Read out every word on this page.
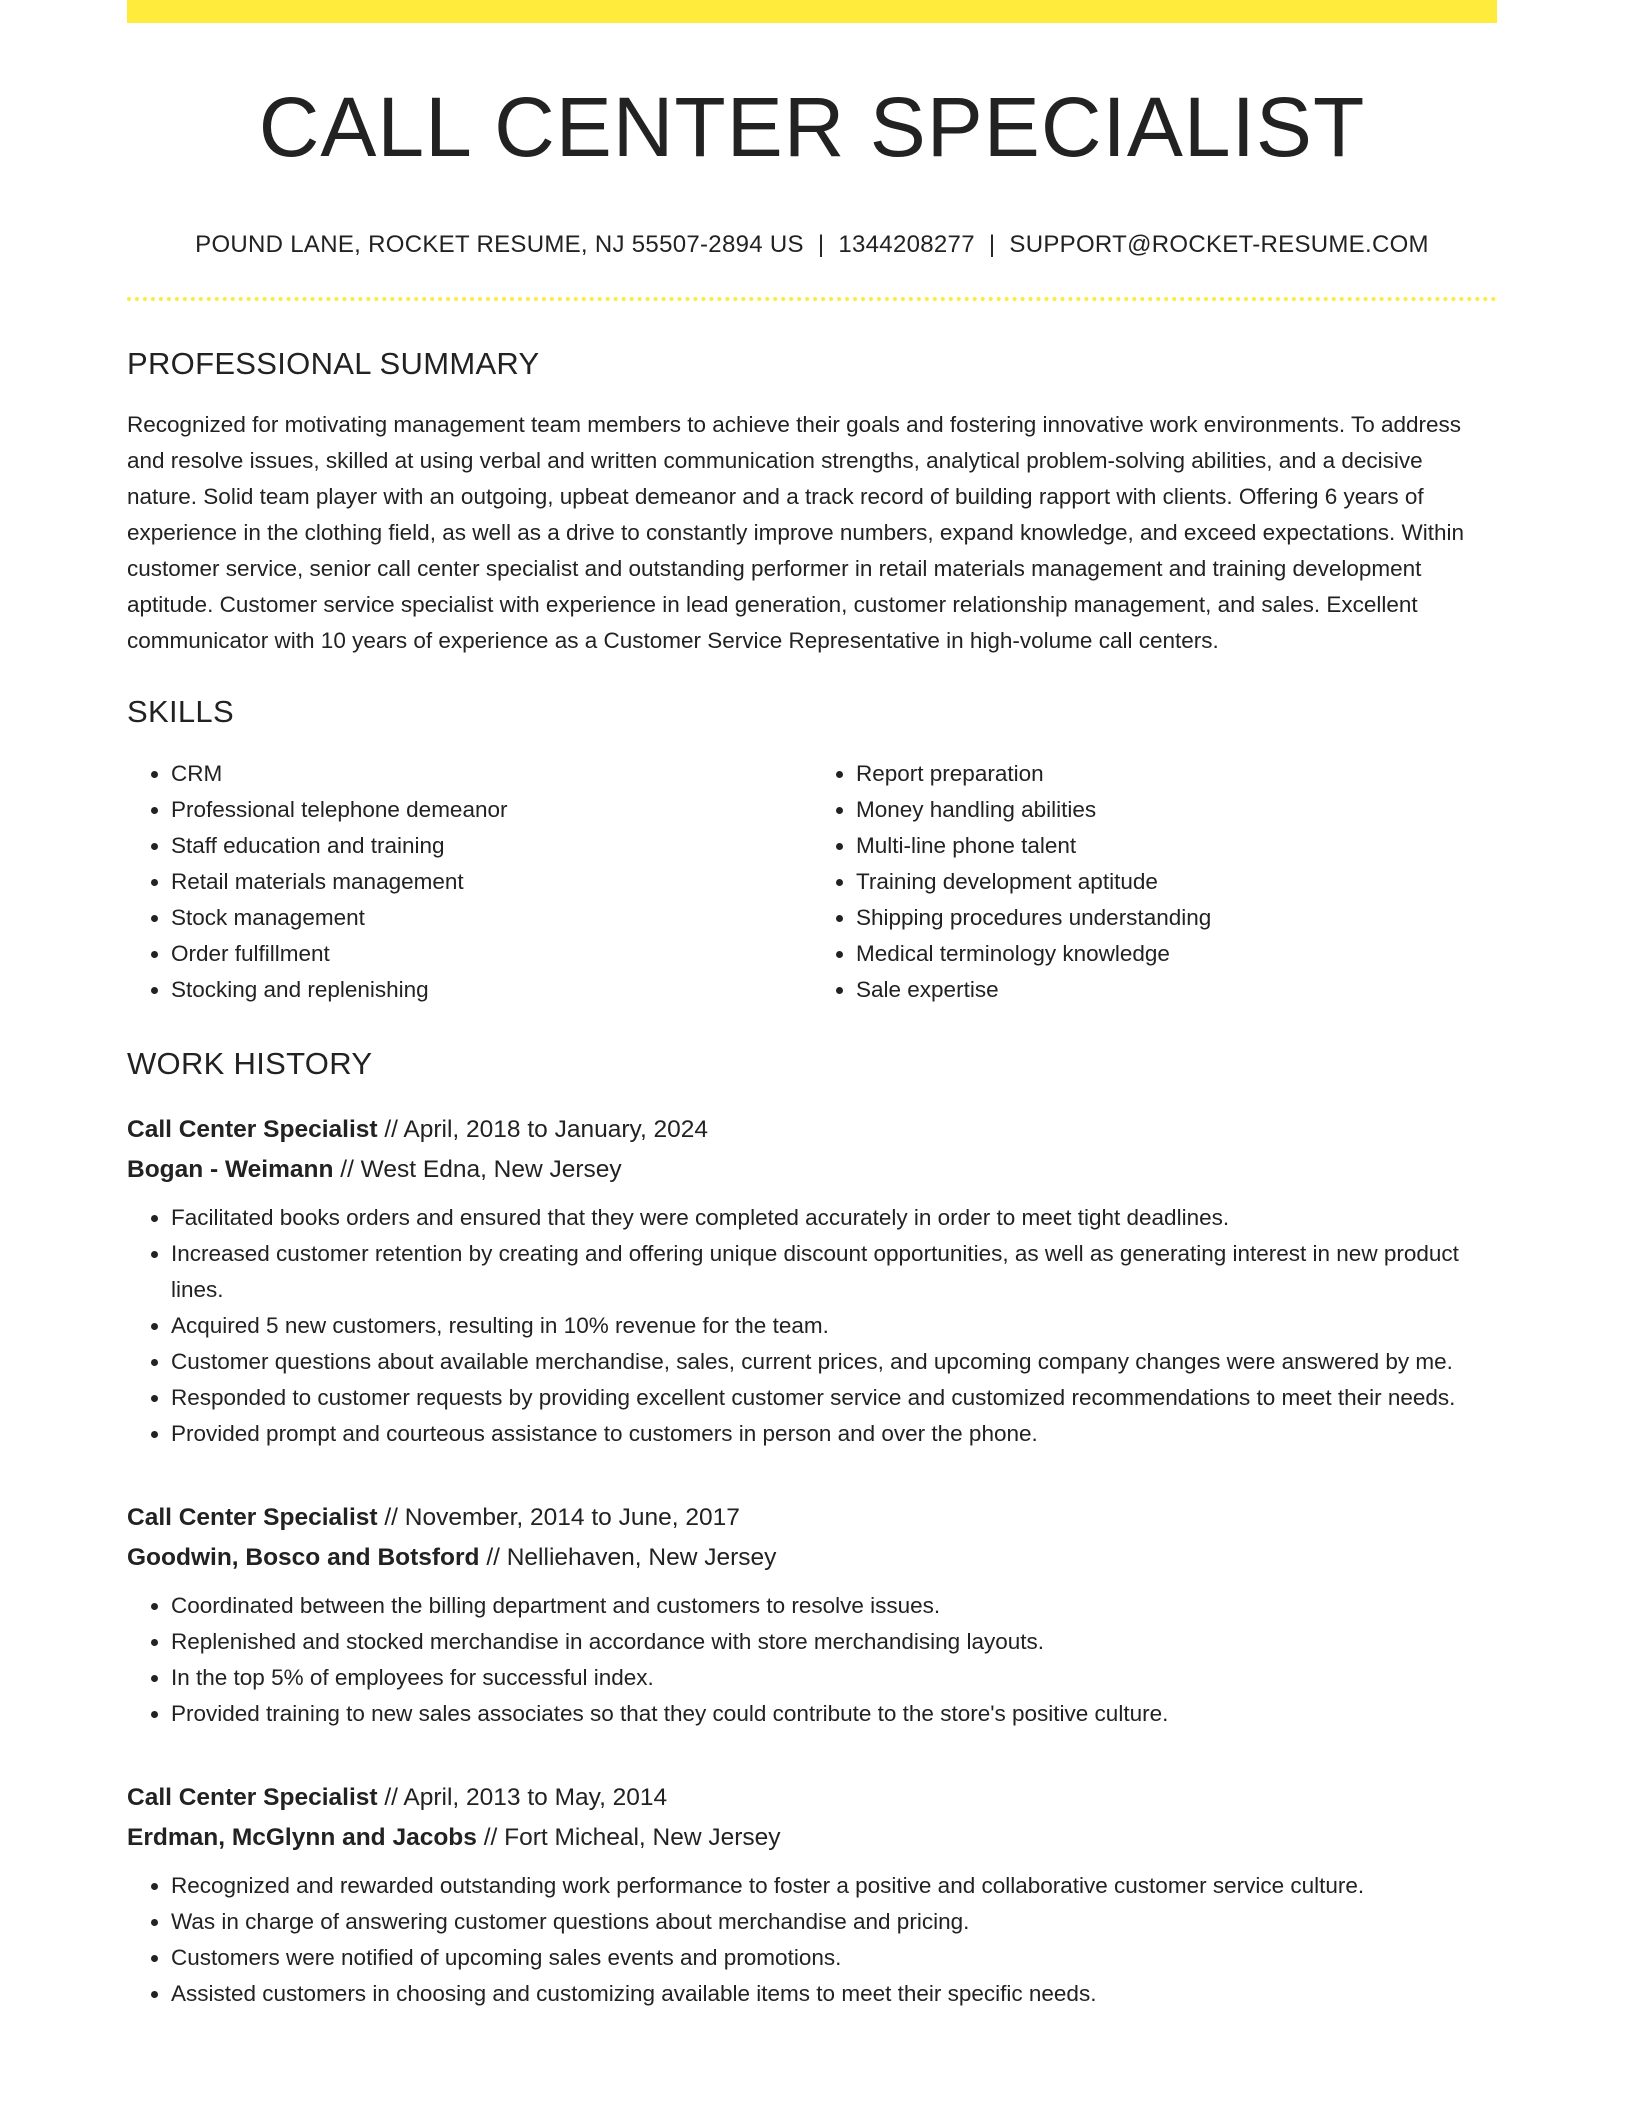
CALL CENTER SPECIALIST
POUND LANE, ROCKET RESUME, NJ 55507-2894 US | 1344208277 | SUPPORT@ROCKET-RESUME.COM
PROFESSIONAL SUMMARY
Recognized for motivating management team members to achieve their goals and fostering innovative work environments. To address and resolve issues, skilled at using verbal and written communication strengths, analytical problem-solving abilities, and a decisive nature. Solid team player with an outgoing, upbeat demeanor and a track record of building rapport with clients. Offering 6 years of experience in the clothing field, as well as a drive to constantly improve numbers, expand knowledge, and exceed expectations. Within customer service, senior call center specialist and outstanding performer in retail materials management and training development aptitude. Customer service specialist with experience in lead generation, customer relationship management, and sales. Excellent communicator with 10 years of experience as a Customer Service Representative in high-volume call centers.
SKILLS
• CRM
• Professional telephone demeanor
• Staff education and training
• Retail materials management
• Stock management
• Order fulfillment
• Stocking and replenishing
• Report preparation
• Money handling abilities
• Multi-line phone talent
• Training development aptitude
• Shipping procedures understanding
• Medical terminology knowledge
• Sale expertise
WORK HISTORY
Call Center Specialist // April, 2018 to January, 2024
Bogan - Weimann // West Edna, New Jersey
• Facilitated books orders and ensured that they were completed accurately in order to meet tight deadlines.
• Increased customer retention by creating and offering unique discount opportunities, as well as generating interest in new product lines.
• Acquired 5 new customers, resulting in 10% revenue for the team.
• Customer questions about available merchandise, sales, current prices, and upcoming company changes were answered by me.
• Responded to customer requests by providing excellent customer service and customized recommendations to meet their needs.
• Provided prompt and courteous assistance to customers in person and over the phone.
Call Center Specialist // November, 2014 to June, 2017
Goodwin, Bosco and Botsford // Nelliehaven, New Jersey
• Coordinated between the billing department and customers to resolve issues.
• Replenished and stocked merchandise in accordance with store merchandising layouts.
• In the top 5% of employees for successful index.
• Provided training to new sales associates so that they could contribute to the store's positive culture.
Call Center Specialist // April, 2013 to May, 2014
Erdman, McGlynn and Jacobs // Fort Micheal, New Jersey
• Recognized and rewarded outstanding work performance to foster a positive and collaborative customer service culture.
• Was in charge of answering customer questions about merchandise and pricing.
• Customers were notified of upcoming sales events and promotions.
• Assisted customers in choosing and customizing available items to meet their specific needs.
